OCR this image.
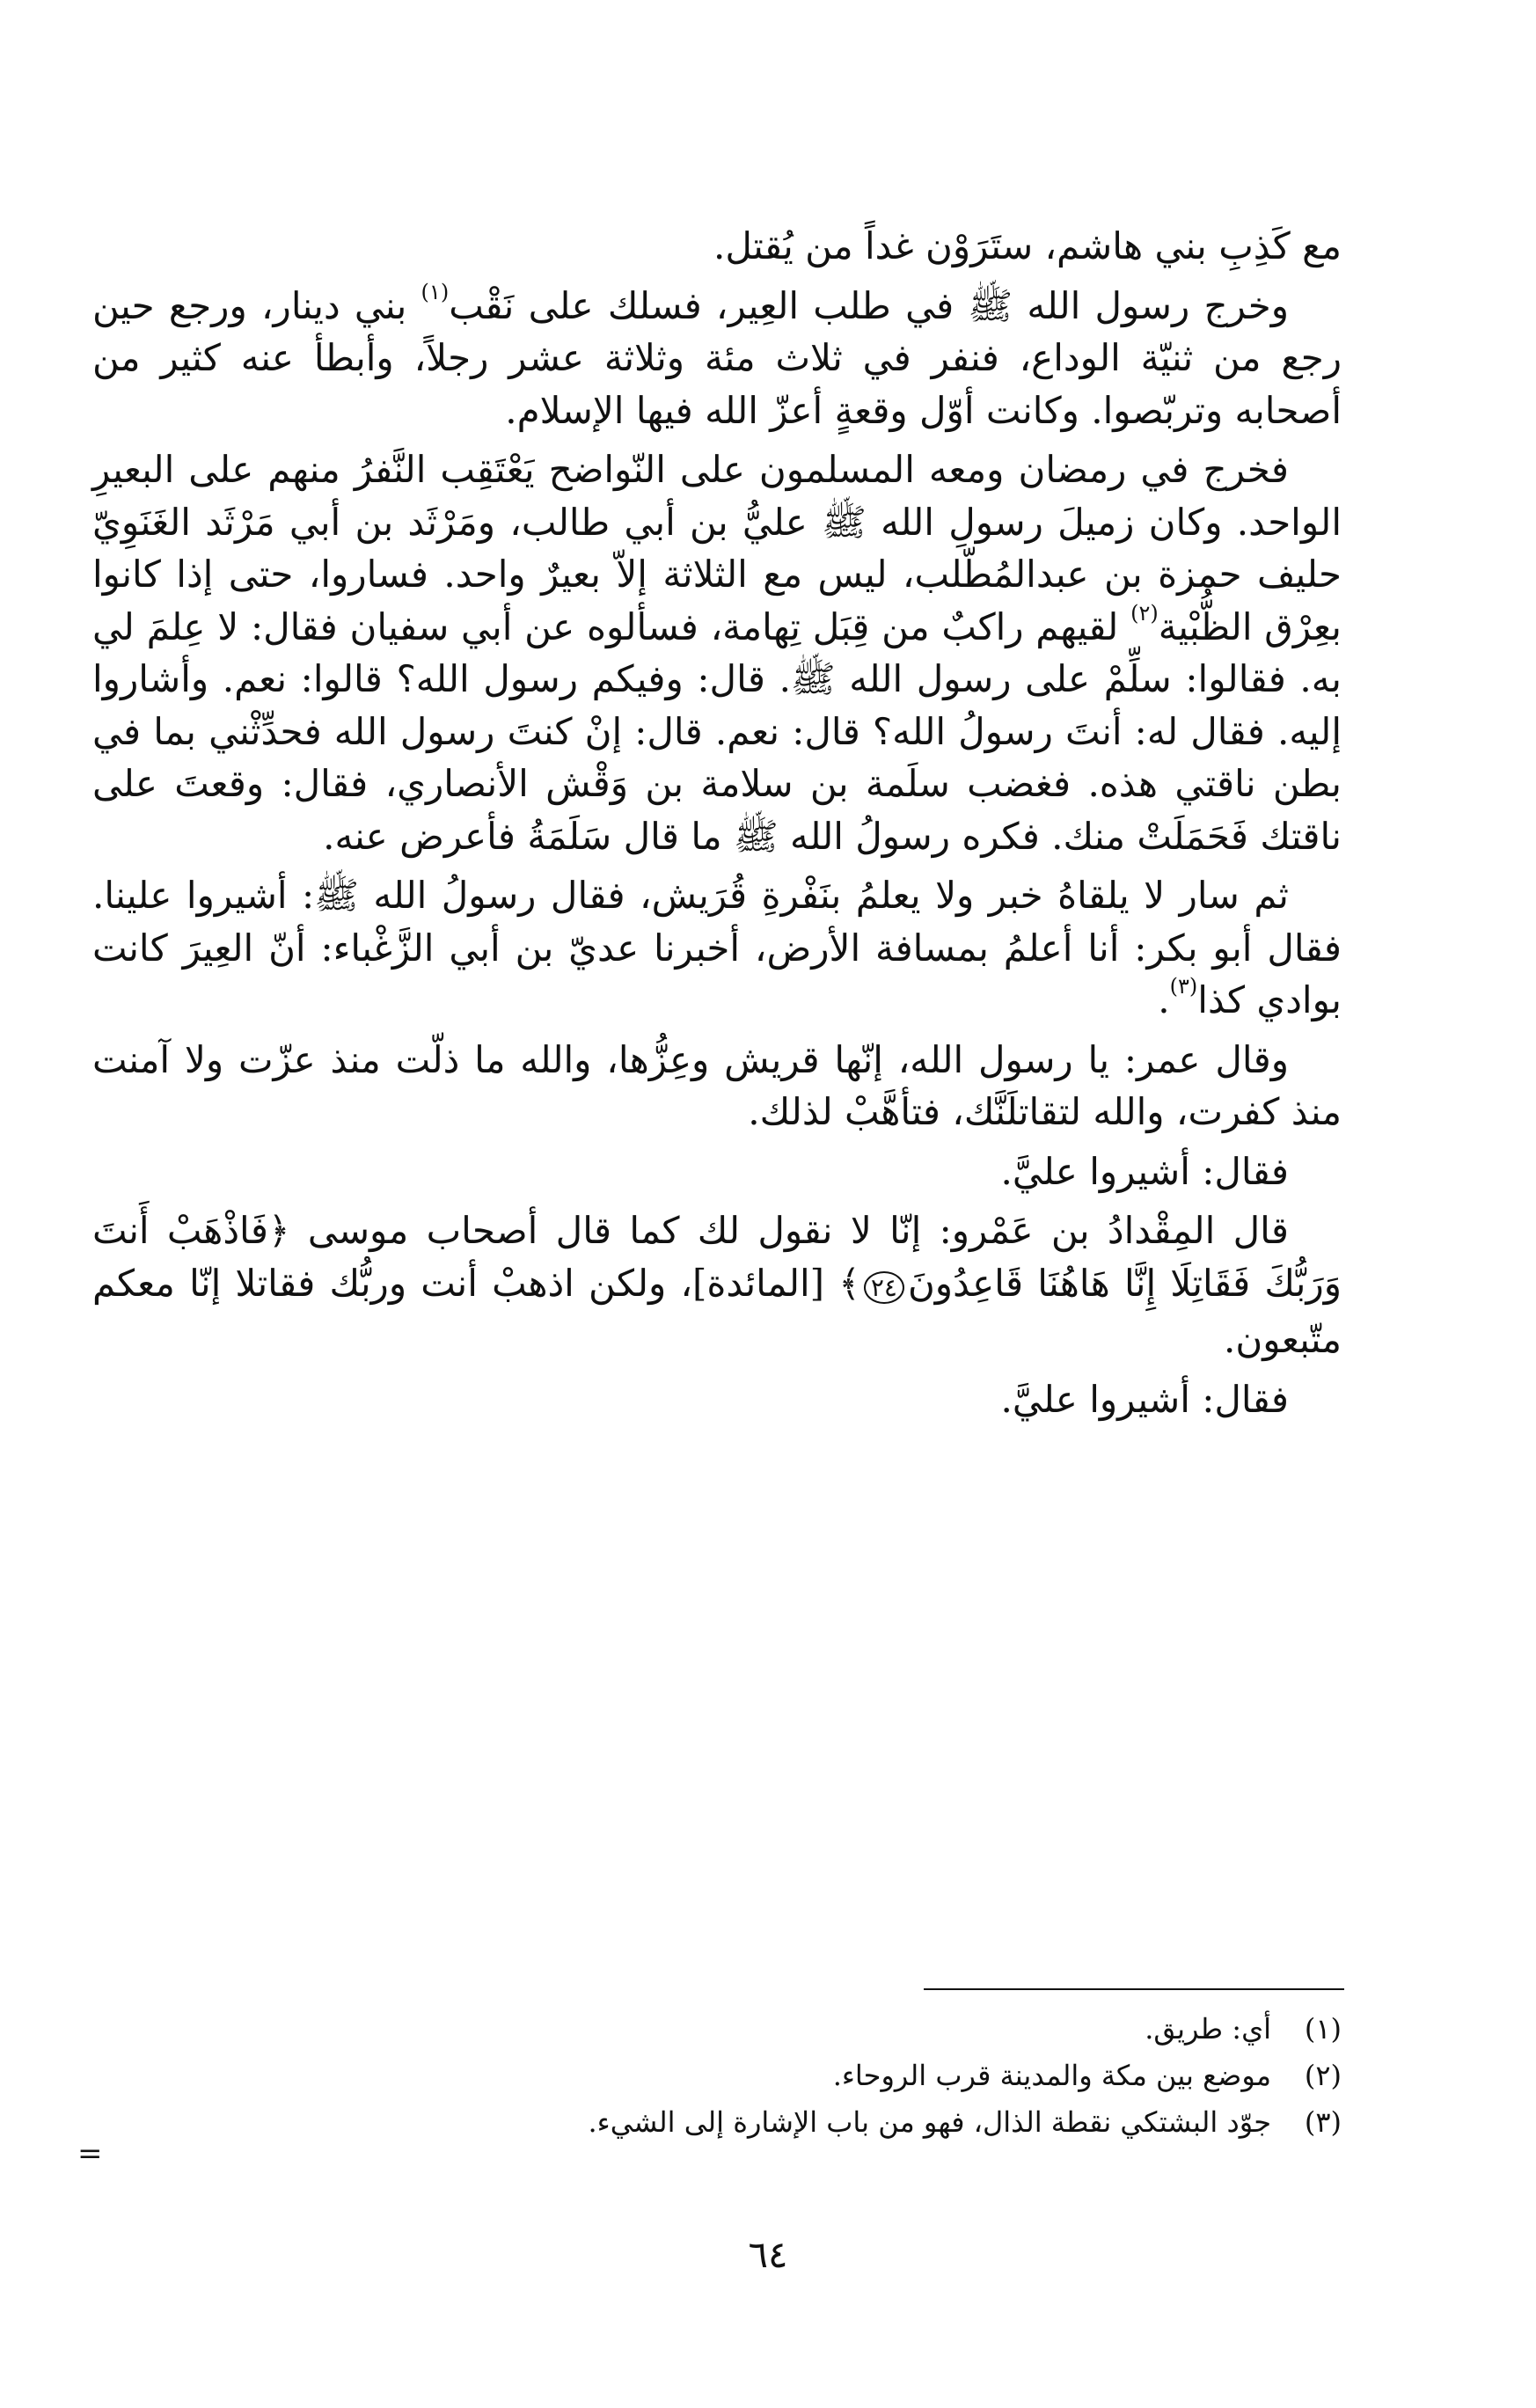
مع كَذِبِ بني هاشم، ستَرَوْن غداً من يُقتل.

وخرج رسول الله ﷺ في طلب العِير، فسلك على نَقْب$^{(١)}$ بني دينار، ورجع حين رجع من ثنيّة الوداع، فنفر في ثلاث مئة وثلاثة عشر رجلاً، وأبطأ عنه كثير من أصحابه وتربّصوا. وكانت أوّل وقعةٍ أعزّ الله فيها الإسلام.

فخرج في رمضان ومعه المسلمون على النّواضح يَعْتَقِب النَّفرُ منهم على البعيرِ الواحد. وكان زميلَ رسولِ الله ﷺ عليُّ بن أبي طالب، ومَرْثَد بن أبي مَرْثَد الغَنَوِيّ حليف حمزة بن عبدالمُطّلب، ليس مع الثلاثة إلاّ بعيرٌ واحد. فساروا، حتى إذا كانوا بعِرْق الظُّبْية$^{(٢)}$ لقيهم راكبٌ من قِبَل تِهامة، فسألوه عن أبي سفيان فقال: لا عِلمَ لي به. فقالوا: سلِّمْ على رسول الله ﷺ. قال: وفيكم رسول الله؟ قالوا: نعم. وأشاروا إليه. فقال له: أنتَ رسولُ الله؟ قال: نعم. قال: إنْ كنتَ رسول الله فحدِّثْني بما في بطن ناقتي هذه. فغضب سلَمة بن سلامة بن وَقْش الأنصاري، فقال: وقعتَ على ناقتك فَحَمَلَتْ منك. فكره رسولُ الله ﷺ ما قال سَلَمَةُ فأعرض عنه.

ثم سار لا يلقاهُ خبر ولا يعلمُ بنَفْرةِ قُرَيش، فقال رسولُ الله ﷺ: أشيروا علينا. فقال أبو بكر: أنا أعلمُ بمسافة الأرض، أخبرنا عديّ بن أبي الزَّغْباء: أنّ العِيرَ كانت بوادي كذا$^{(٣)}$.

وقال عمر: يا رسول الله، إنّها قريش وعِزُّها، والله ما ذلّت منذ عزّت ولا آمنت منذ كفرت، والله لتقاتلَنَّك، فتأهَّبْ لذلك.

فقال: أشيروا عليَّ.

قال المِقْدادُ بن عَمْرو: إنّا لا نقول لك كما قال أصحاب موسى ﴿فَاذْهَبْ أَنتَ وَرَبُّكَ فَقَاتِلَا إِنَّا هَاهُنَا قَاعِدُونَ٢٤﴾ [المائدة]، ولكن اذهبْ أنت وربُّك فقاتلا إنّا معكم متّبعون.

فقال: أشيروا عليَّ.

(١)أي: طريق.

(٢)موضع بين مكة والمدينة قرب الروحاء.

(٣)جوّد البشتكي نقطة الذال، فهو من باب الإشارة إلى الشيء.

=
٦٤
